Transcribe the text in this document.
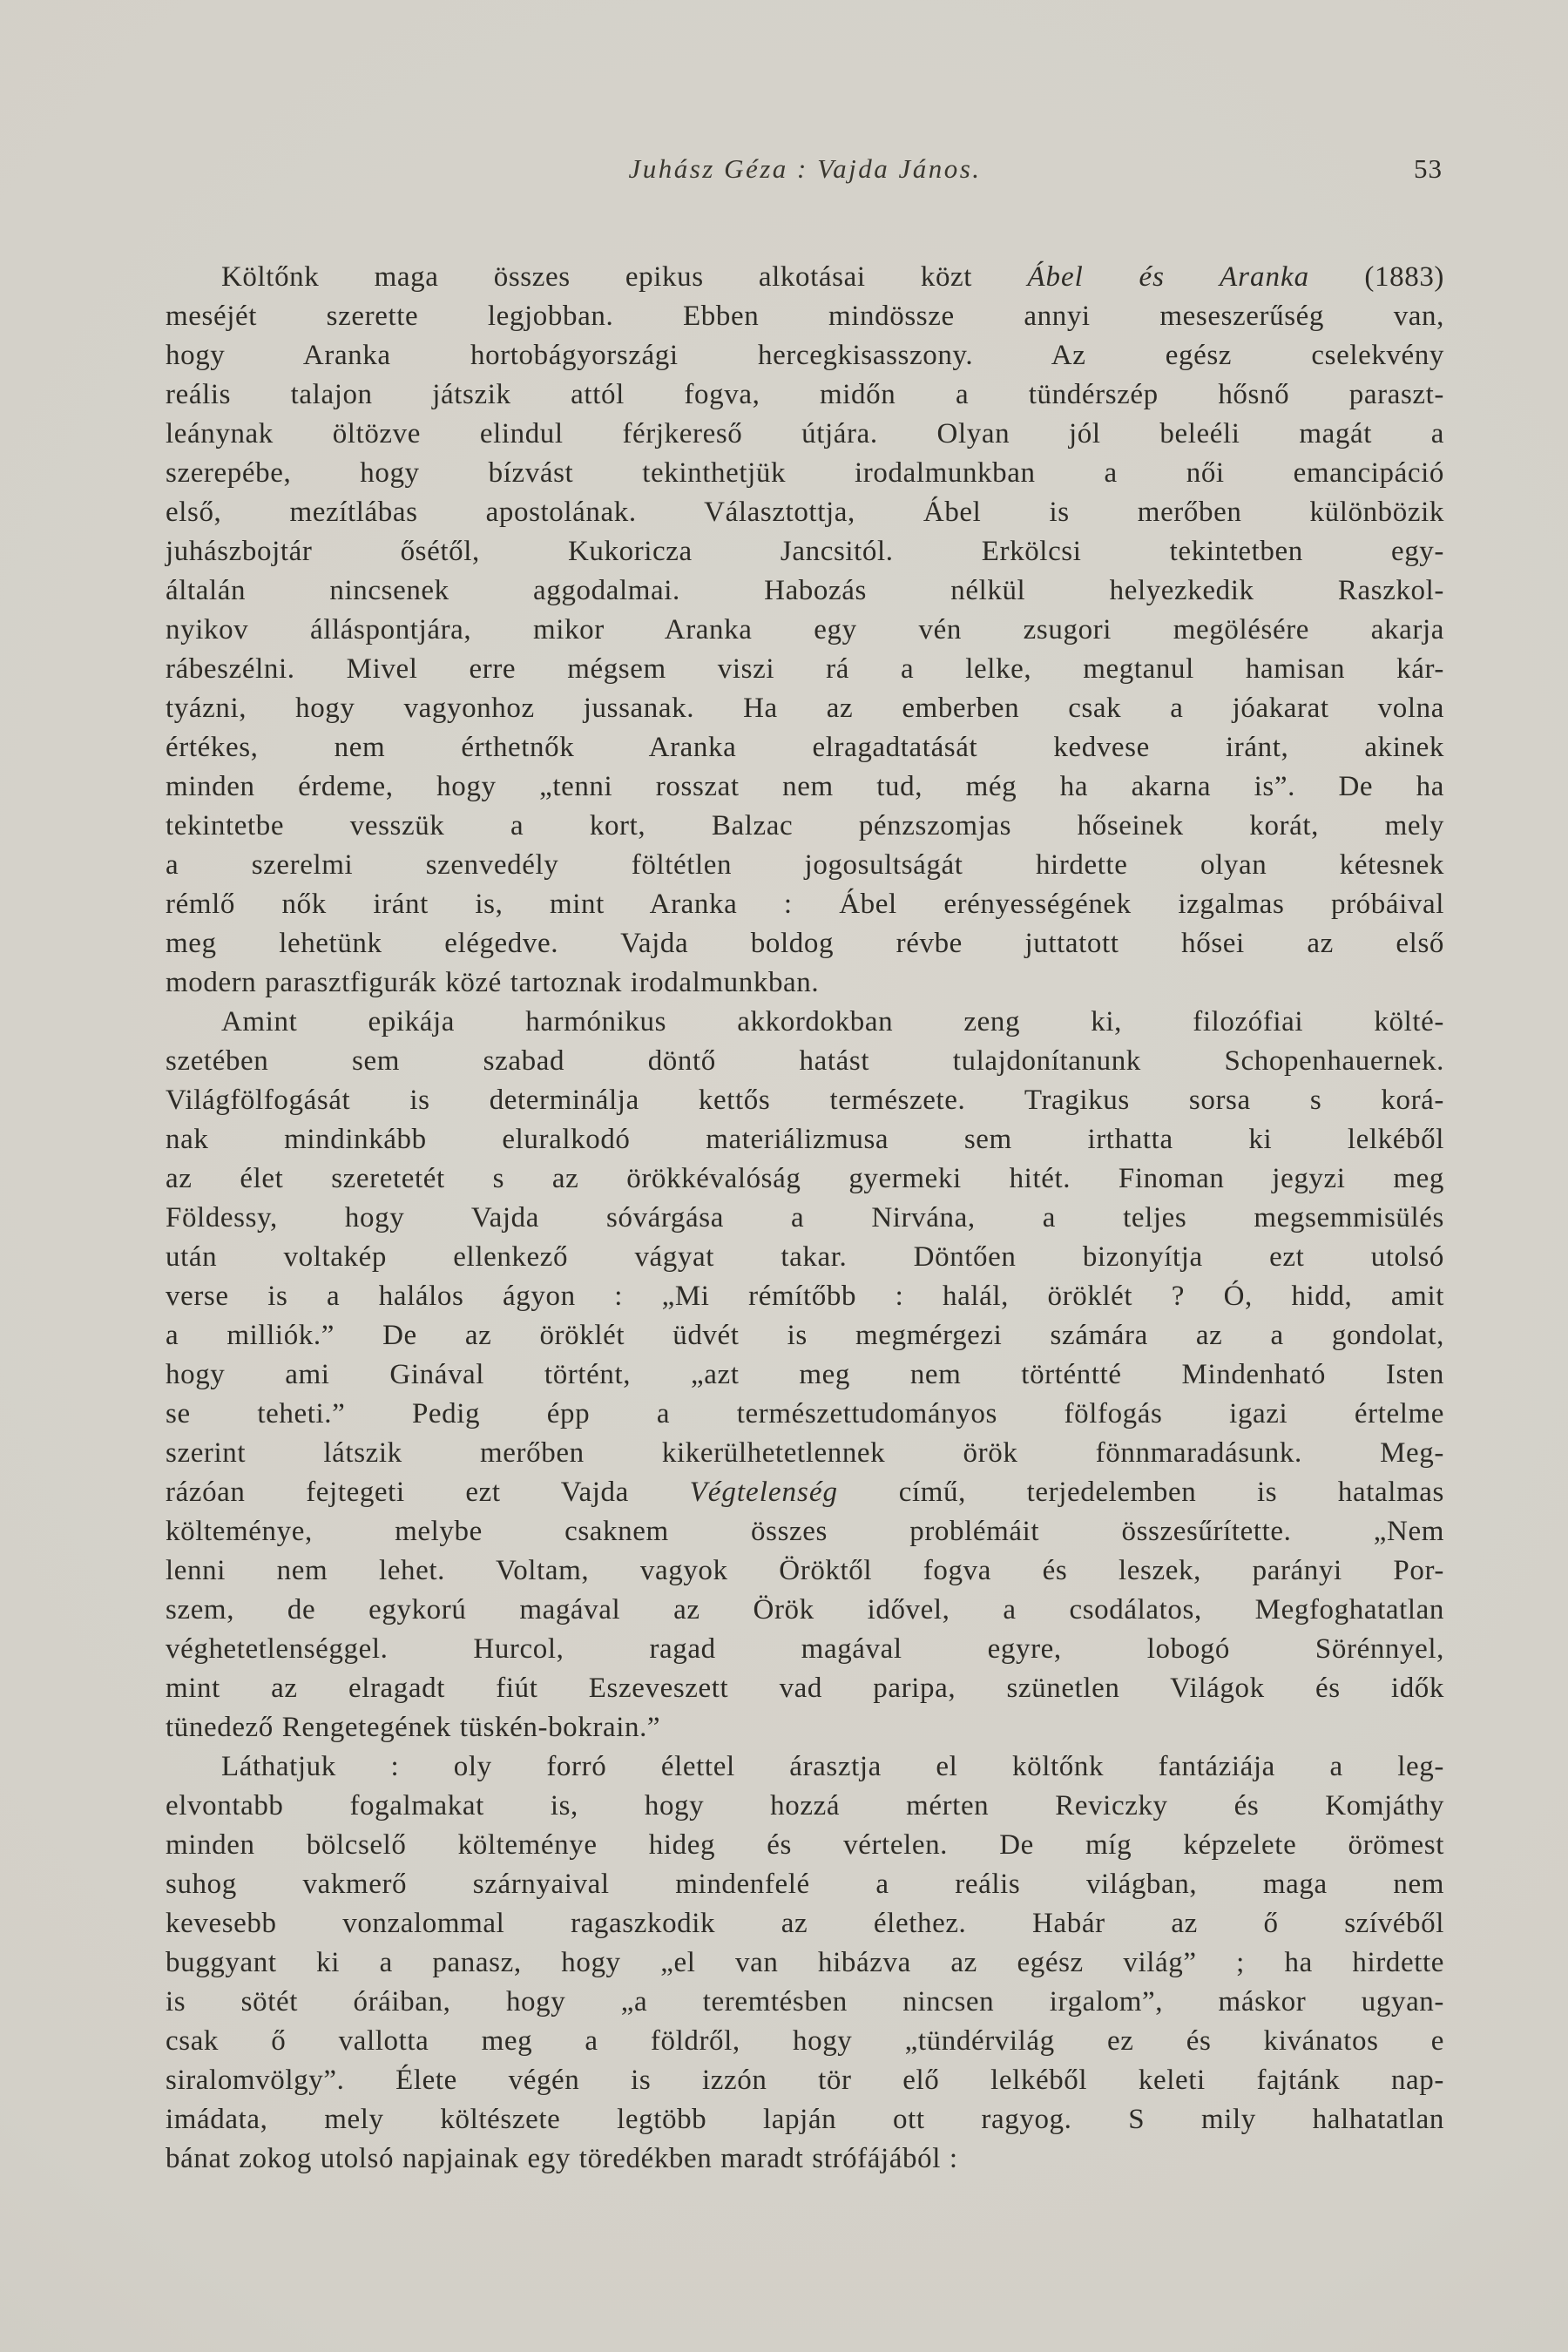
Juhász Géza : Vajda János.	53

Költőnk maga összes epikus alkotásai közt Ábel és Aranka (1883)
meséjét szerette legjobban. Ebben mindössze annyi meseszerűség van,
hogy Aranka hortobágyországi hercegkisasszony. Az egész cselekvény
reális talajon játszik attól fogva, midőn a tündérszép hősnő paraszt-
leánynak öltözve elindul férjkereső útjára. Olyan jól beleéli magát a
szerepébe, hogy bízvást tekinthetjük irodalmunkban a női emancipáció
első, mezítlábas apostolának. Választottja, Ábel is merőben különbözik
juhászbojtár ősétől, Kukoricza Jancsitól. Erkölcsi tekintetben egy-
általán nincsenek aggodalmai. Habozás nélkül helyezkedik Raszkol-
nyikov álláspontjára, mikor Aranka egy vén zsugori megölésére akarja
rábeszélni. Mivel erre mégsem viszi rá a lelke, megtanul hamisan kár-
tyázni, hogy vagyonhoz jussanak. Ha az emberben csak a jóakarat volna
értékes, nem érthetnők Aranka elragadtatását kedvese iránt, akinek
minden érdeme, hogy „tenni rosszat nem tud, még ha akarna is”. De ha
tekintetbe vesszük a kort, Balzac pénzszomjas hőseinek korát, mely
a szerelmi szenvedély föltétlen jogosultságát hirdette olyan kétesnek
rémlő nők iránt is, mint Aranka : Ábel erényességének izgalmas próbáival
meg lehetünk elégedve. Vajda boldog révbe juttatott hősei az első
modern parasztfigurák közé tartoznak irodalmunkban.

Amint epikája harmónikus akkordokban zeng ki, filozófiai költé-
szetében sem szabad döntő hatást tulajdonítanunk Schopenhauernek.
Világfölfogását is determinálja kettős természete. Tragikus sorsa s korá-
nak mindinkább eluralkodó materiálizmusa sem irthatta ki lelkéből
az élet szeretetét s az örökkévalóság gyermeki hitét. Finoman jegyzi meg
Földessy, hogy Vajda sóvárgása a Nirvána, a teljes megsemmisülés
után voltakép ellenkező vágyat takar. Döntően bizonyítja ezt utolsó
verse is a halálos ágyon : „Mi rémítőbb : halál, öröklét ? Ó, hidd, amit
a milliók.” De az öröklét üdvét is megmérgezi számára az a gondolat,
hogy ami Ginával történt, „azt meg nem történtté Mindenható Isten
se teheti.” Pedig épp a természettudományos fölfogás igazi értelme
szerint látszik merőben kikerülhetetlennek örök fönnmaradásunk. Meg-
rázóan fejtegeti ezt Vajda Végtelenség című, terjedelemben is hatalmas
költeménye, melybe csaknem összes problémáit összesűrítette. „Nem
lenni nem lehet. Voltam, vagyok Öröktől fogva és leszek, parányi Por-
szem, de egykorú magával az Örök idővel, a csodálatos, Megfoghatatlan
véghetetlenséggel. Hurcol, ragad magával egyre, lobogó Sörénnyel,
mint az elragadt fiút Eszeveszett vad paripa, szünetlen Világok és idők
tünedező Rengetegének tüskén-bokrain.”

Láthatjuk : oly forró élettel árasztja el költőnk fantáziája a leg-
elvontabb fogalmakat is, hogy hozzá mérten Reviczky és Komjáthy
minden bölcselő költeménye hideg és vértelen. De míg képzelete örömest
suhog vakmerő szárnyaival mindenfelé a reális világban, maga nem
kevesebb vonzalommal ragaszkodik az élethez. Habár az ő szívéből
buggyant ki a panasz, hogy „el van hibázva az egész világ” ; ha hirdette
is sötét óráiban, hogy „a teremtésben nincsen irgalom”, máskor ugyan-
csak ő vallotta meg a földről, hogy „tündérvilág ez és kivánatos e
siralomvölgy”. Élete végén is izzón tör elő lelkéből keleti fajtánk nap-
imádata, mely költészete legtöbb lapján ott ragyog. S mily halhatatlan
bánat zokog utolsó napjainak egy töredékben maradt strófájából :
